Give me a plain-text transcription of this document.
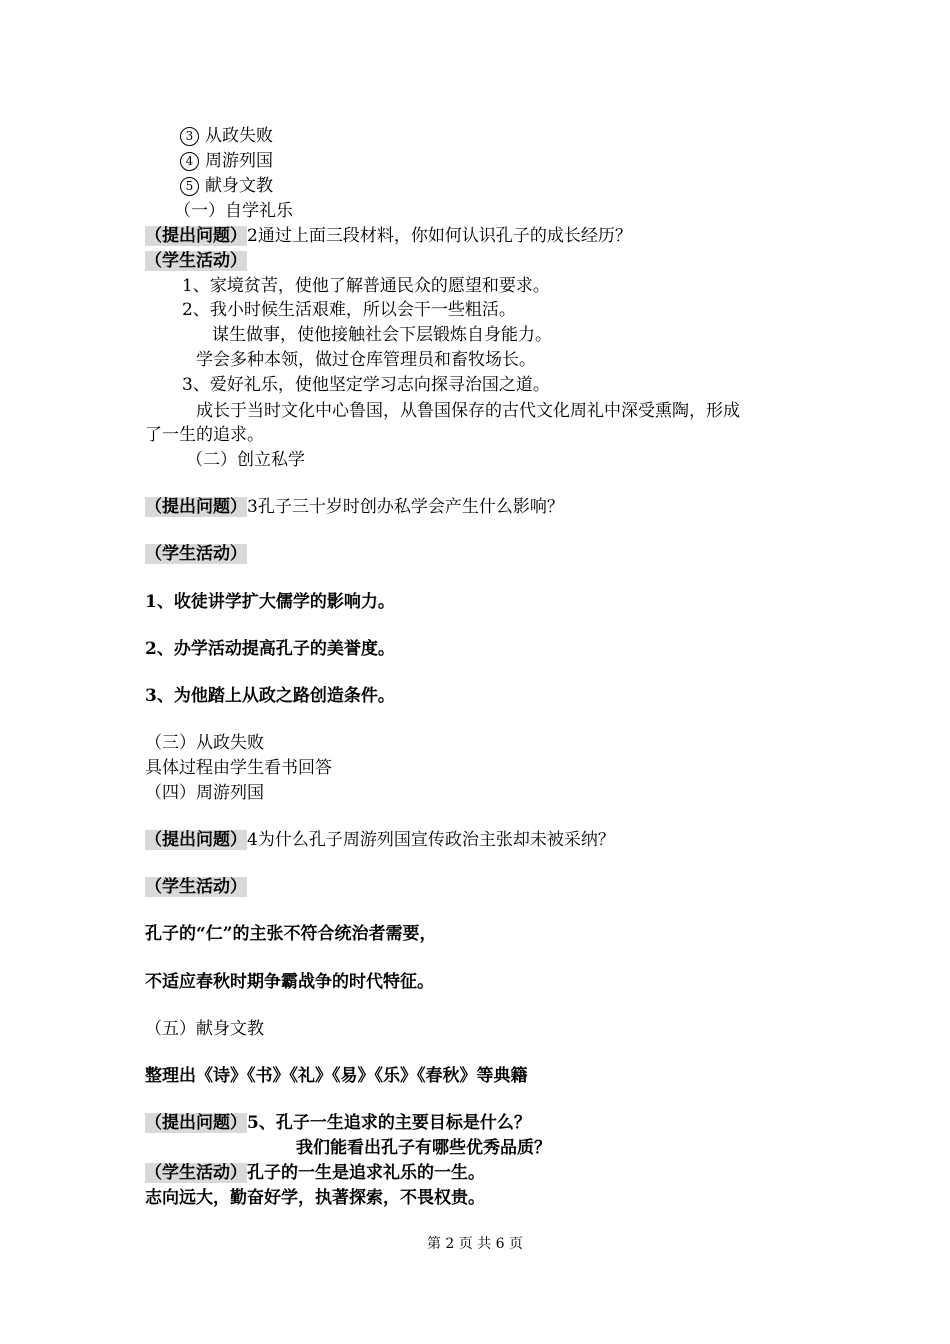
3 从政失败
4 周游列国
5 献身文教
（一）自学礼乐
（提出问题）2通过上面三段材料，你如何认识孔子的成长经历？
（学生活动）
1、家境贫苦，使他了解普通民众的愿望和要求。
2、我小时候生活艰难，所以会干一些粗活。
谋生做事，使他接触社会下层锻炼自身能力。
学会多种本领，做过仓库管理员和畜牧场长。
3、爱好礼乐，使他坚定学习志向探寻治国之道。
成长于当时文化中心鲁国，从鲁国保存的古代文化周礼中深受熏陶，形成
了一生的追求。
（二）创立私学
（提出问题）3孔子三十岁时创办私学会产生什么影响？
（学生活动）
1、收徒讲学扩大儒学的影响力。
2、办学活动提高孔子的美誉度。
3、为他踏上从政之路创造条件。
（三）从政失败
具体过程由学生看书回答
（四）周游列国
（提出问题）4为什么孔子周游列国宣传政治主张却未被采纳？
（学生活动）
孔子的“仁”的主张不符合统治者需要，
不适应春秋时期争霸战争的时代特征。
（五）献身文教
整理出《诗》《书》《礼》《易》《乐》《春秋》等典籍
（提出问题）5、孔子一生追求的主要目标是什么？
我们能看出孔子有哪些优秀品质？
（学生活动）孔子的一生是追求礼乐的一生。
志向远大，勤奋好学，执著探索，不畏权贵。
第 2 页 共 6 页
